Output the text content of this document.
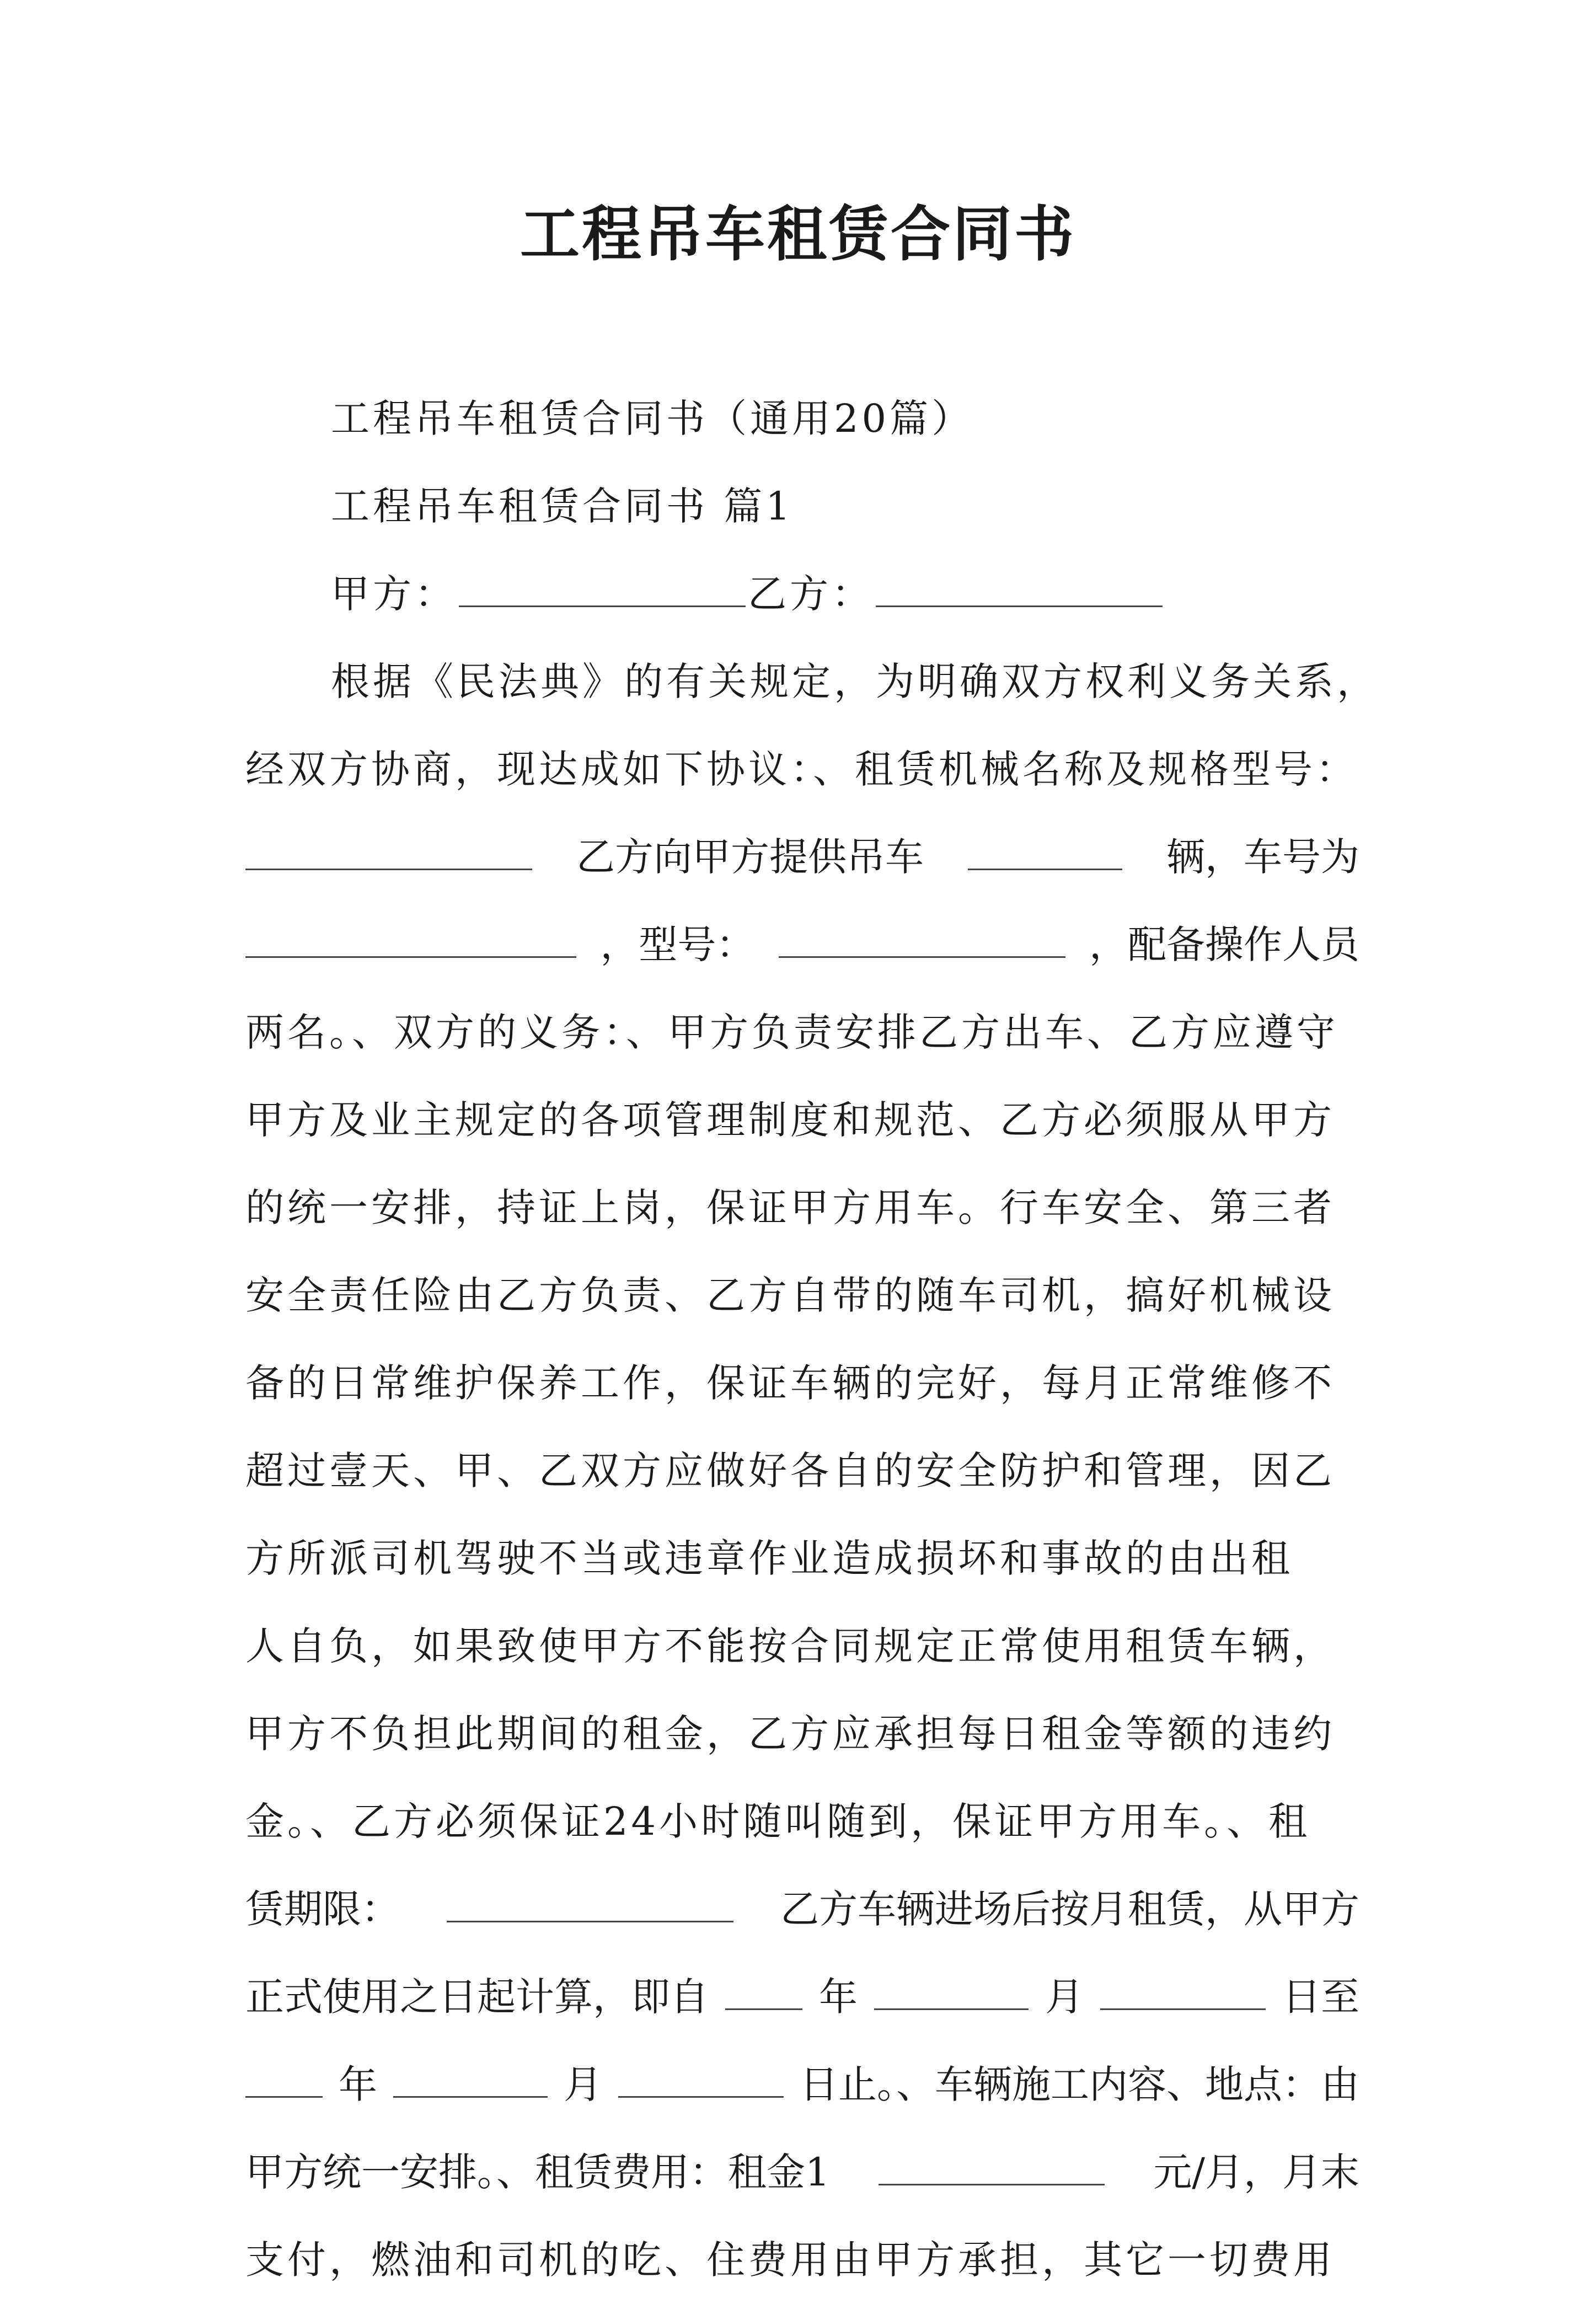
工程吊车租赁合同书
工程吊车租赁合同书（通用20篇）
工程吊车租赁合同书 篇1
甲方：	乙方：
根据《民法典》的有关规定，为明确双方权利义务关系，
经双方协商，现达成如下协议：、租赁机械名称及规格型号：
乙方向甲方提供吊车	辆，车号为
，型号：	，配备操作人员
两名。、双方的义务：、甲方负责安排乙方出车、乙方应遵守
甲方及业主规定的各项管理制度和规范、乙方必须服从甲方
的统一安排，持证上岗，保证甲方用车。行车安全、第三者
安全责任险由乙方负责、乙方自带的随车司机，搞好机械设
备的日常维护保养工作，保证车辆的完好，每月正常维修不
超过壹天、甲、乙双方应做好各自的安全防护和管理，因乙
方所派司机驾驶不当或违章作业造成损坏和事故的由出租
人自负，如果致使甲方不能按合同规定正常使用租赁车辆，
甲方不负担此期间的租金，乙方应承担每日租金等额的违约
金。、乙方必须保证24小时随叫随到，保证甲方用车。、租
赁期限：	乙方车辆进场后按月租赁，从甲方
正式使用之日起计算，即自	年	月	日至
年	月	日止。、车辆施工内容、地点：由
甲方统一安排。、租赁费用：租金1	元/月，月末
支付，燃油和司机的吃、住费用由甲方承担，其它一切费用
